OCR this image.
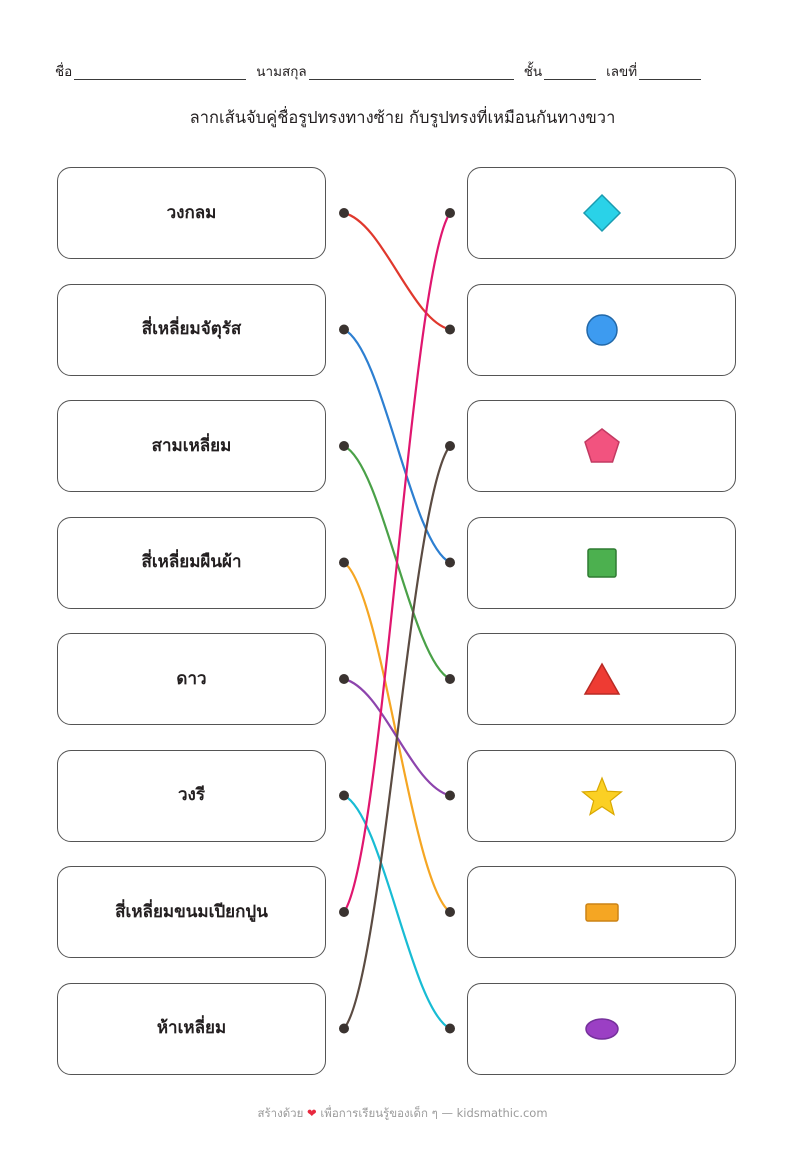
ชื่อ	นามสกุล	ชั้น	เลขที่
ลากเส้นจับคู่ชื่อรูปทรงทางซ้าย กับรูปทรงที่เหมือนกันทางขวา
วงกลม
สี่เหลี่ยมจัตุรัส
สามเหลี่ยม
สี่เหลี่ยมผืนผ้า
ดาว
วงรี
สี่เหลี่ยมขนมเปียกปูน
ห้าเหลี่ยม
สร้างด้วย ❤ เพื่อการเรียนรู้ของเด็ก ๆ — kidsmathic.com
